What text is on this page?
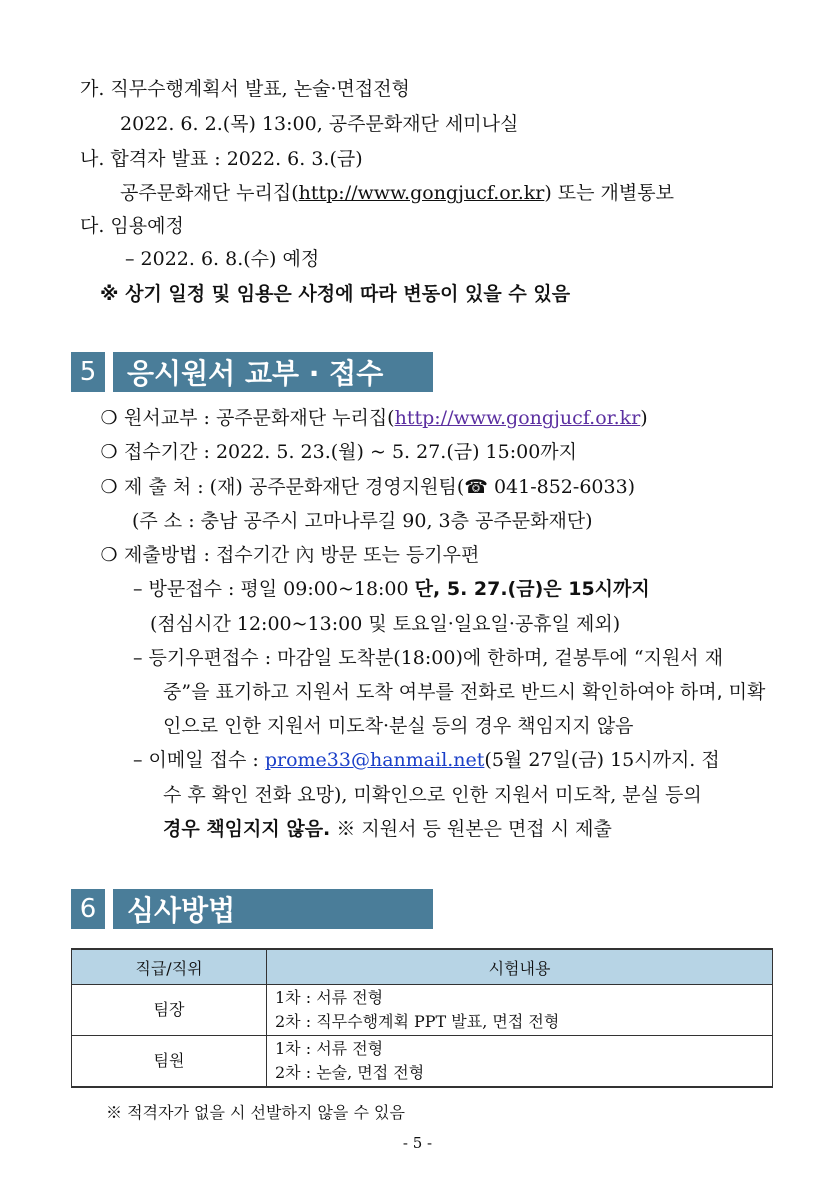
가. 직무수행계획서 발표, 논술·면접전형
2022. 6. 2.(목) 13:00, 공주문화재단 세미나실
나. 합격자 발표 : 2022. 6. 3.(금)
공주문화재단 누리집(http://www.gongjucf.or.kr) 또는 개별통보
다. 임용예정
– 2022. 6. 8.(수) 예정
※ 상기 일정 및 임용은 사정에 따라 변동이 있을 수 있음
5	응시원서 교부 · 접수
❍ 원서교부 : 공주문화재단 누리집(http://www.gongjucf.or.kr)
❍ 접수기간 : 2022. 5. 23.(월) ~ 5. 27.(금) 15:00까지
❍ 제 출 처 : (재) 공주문화재단 경영지원팀(☎ 041-852-6033)
(주 소 : 충남 공주시 고마나루길 90, 3층 공주문화재단)
❍ 제출방법 : 접수기간 內 방문 또는 등기우편
– 방문접수 : 평일 09:00~18:00 단, 5. 27.(금)은 15시까지
(점심시간 12:00~13:00 및 토요일·일요일·공휴일 제외)
– 등기우편접수 : 마감일 도착분(18:00)에 한하며, 겉봉투에 “지원서 재
중”을 표기하고 지원서 도착 여부를 전화로 반드시 확인하여야 하며, 미확
인으로 인한 지원서 미도착·분실 등의 경우 책임지지 않음
– 이메일 접수 : prome33@hanmail.net(5월 27일(금) 15시까지. 접
수 후 확인 전화 요망), 미확인으로 인한 지원서 미도착, 분실 등의
경우 책임지지 않음. ※ 지원서 등 원본은 면접 시 제출
6	심사방법
직급/직위	시험내용
팀장	1차 : 서류 전형
2차 : 직무수행계획 PPT 발표, 면접 전형

팀원	1차 : 서류 전형
2차 : 논술, 면접 전형
※ 적격자가 없을 시 선발하지 않을 수 있음
- 5 -
